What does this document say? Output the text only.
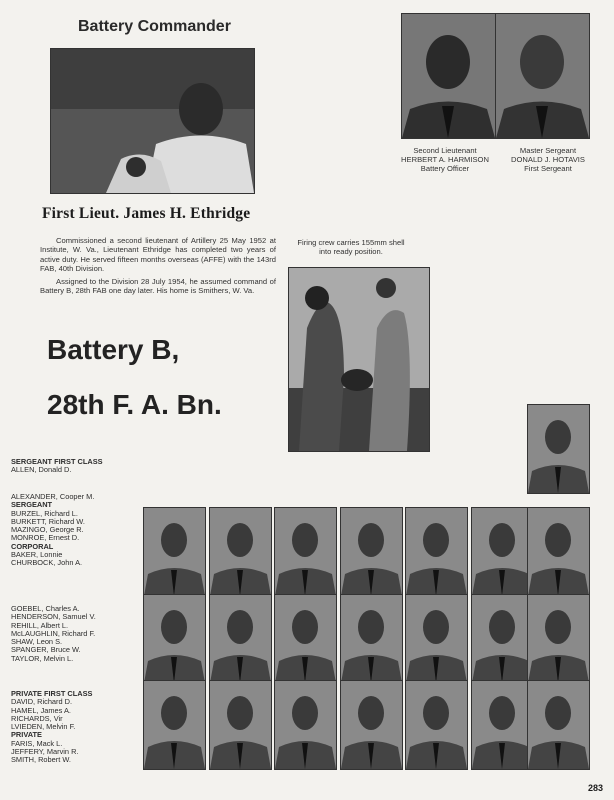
Battery Commander
First Lieut. James H. Ethridge

Commissioned a second lieutenant of Artillery 25 May 1952 at Institute, W. Va., Lieutenant Ethridge has completed two years of active duty. He served fifteen months overseas (AFFE) with the 143rd FAB, 40th Division.

Assigned to the Division 28 July 1954, he assumed command of Battery B, 28th FAB one day later. His home is Smithers, W. Va.

Second Lieutenant
HERBERT A. HARMISON
Battery Officer
Master Sergeant
DONALD J. HOTAVIS
First Sergeant
Firing crew carries 155mm shell into ready position.
Battery B,
28th F. A. Bn.
SERGEANT FIRST CLASS
ALLEN, Donald D.
ALEXANDER, Cooper M.
SERGEANT
BURZEL, Richard L.
BURKETT, Richard W.
MAZINGO, George R.
MONROE, Ernest D.
CORPORAL
BAKER, Lonnie
CHURBOCK, John A.
GOEBEL, Charles A.
HENDERSON, Samuel V.
REHILL, Albert L.
McLAUGHLIN, Richard F.
SHAW, Leon S.
SPANGER, Bruce W.
TAYLOR, Melvin L.
PRIVATE FIRST CLASS
DAVID, Richard D.
HAMEL, James A.
RICHARDS, Vir
LVIEDEN, Melvin F.
PRIVATE
FARIS, Mack L.
JEFFERY, Marvin R.
SMITH, Robert W.
283
